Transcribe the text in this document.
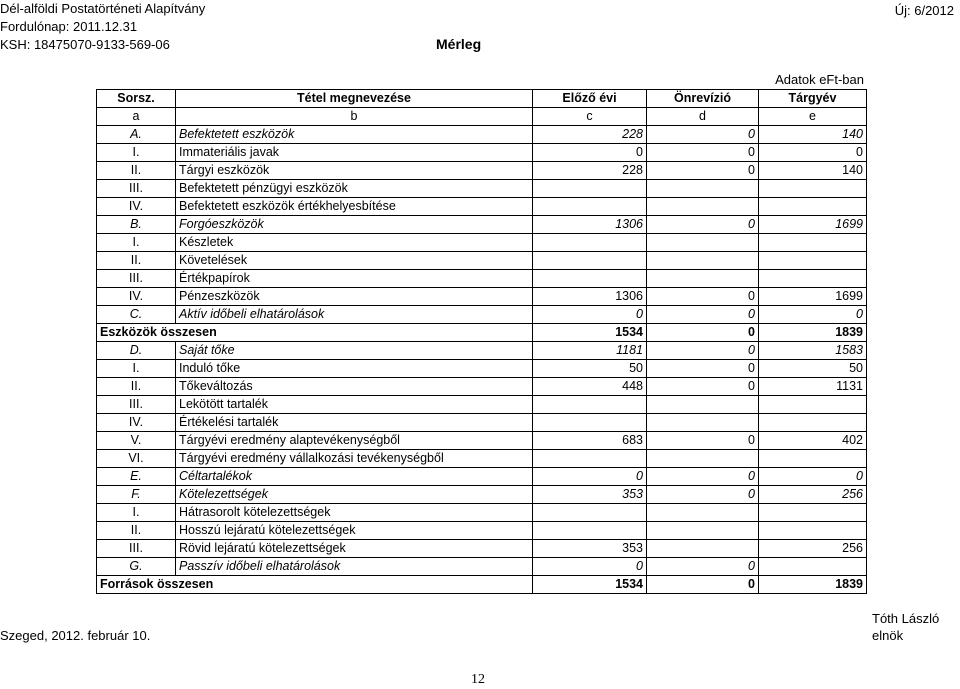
Dél-alföldi Postatörténeti Alapítvány
Fordulónap: 2011.12.31
KSH: 18475070-9133-569-06	Mérleg
Új: 6/2012
Adatok eFt-ban
Sorsz.	Tétel megnevezése	Előző évi	Önrevízió	Tárgyév
a	b	c	d	e
A.	Befektetett eszközök	228	0	140
I.	Immateriális javak	0	0	0
II.	Tárgyi eszközök	228	0	140
III.	Befektetett pénzügyi eszközök			
IV.	Befektetett eszközök értékhelyesbítése			
B.	Forgóeszközök	1306	0	1699
I.	Készletek			
II.	Követelések			
III.	Értékpapírok			
IV.	Pénzeszközök	1306	0	1699
C.	Aktív időbeli elhatárolások	0	0	0
Eszközök összesen		1534	0	1839
D.	Saját tőke	1181	0	1583
I.	Induló tőke	50	0	50
II.	Tőkeváltozás	448	0	1131
III.	Lekötött tartalék			
IV.	Értékelési tartalék			
V.	Tárgyévi eredmény alaptevékenységből	683	0	402
VI.	Tárgyévi eredmény vállalkozási tevékenységből			
E.	Céltartalékok	0	0	0
F.	Kötelezettségek	353	0	256
I.	Hátrasorolt kötelezettségek			
II.	Hosszú lejáratú kötelezettségek			
III.	Rövid lejáratú kötelezettségek	353		256
G.	Passzív időbeli elhatárolások	0	0	
Források összesen		1534	0	1839
Szeged, 2012. február 10.
Tóth László
elnök
12
